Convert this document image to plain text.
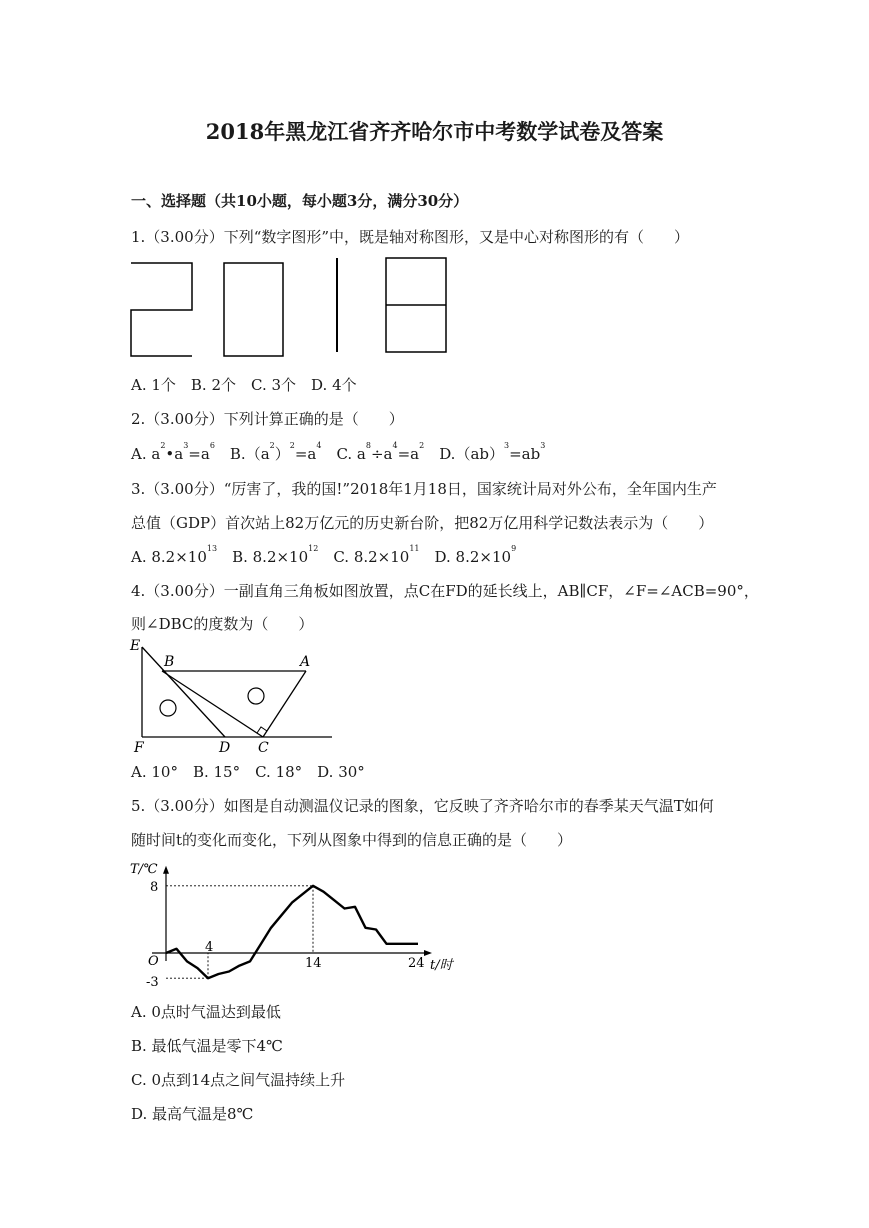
2018年黑龙江省齐齐哈尔市中考数学试卷及答案
一、选择题（共10小题，每小题3分，满分30分）
1.（3.00分）下列“数字图形”中，既是轴对称图形，又是中心对称图形的有（　　）
A. 1个　B. 2个　C. 3个　D. 4个
2.（3.00分）下列计算正确的是（　　）
A. $a^2•a^3=a^6$　$B.(a^2)^2=a^4$　C. $a^8\div a^4=a^2$　$D.(ab)^3=ab^3$
3.（3.00分）“厉害了，我的国!”2018年1月18日，国家统计局对外公布，全年国内生产
总值（GDP）首次站上82万亿元的历史新台阶，把82万亿用科学记数法表示为（　　）
A. $8.2\times 10^{13}$　B. $8.2\times 10^{12}$　C. $8.2\times 10^{11}$　D. $8.2\times 10^9$
4.（3.00分）一副直角三角板如图放置，点C在FD的延长线上，AB∥CF，∠F=∠ACB=90°，
则∠DBC的度数为（　　）
E
B	A
F	D C
A. 10°　B. 15°　C. 18°　D. 30°
5.（3.00分）如图是自动测温仪记录的图象，它反映了齐齐哈尔市的春季某天气温T如何
随时间t的变化而变化，下列从图象中得到的信息正确的是（　　）
T/℃
t/时
O
8
-3
4
14	24
A. 0点时气温达到最低
B. 最低气温是零下4℃
C. 0点到14点之间气温持续上升
D. 最高气温是8℃
